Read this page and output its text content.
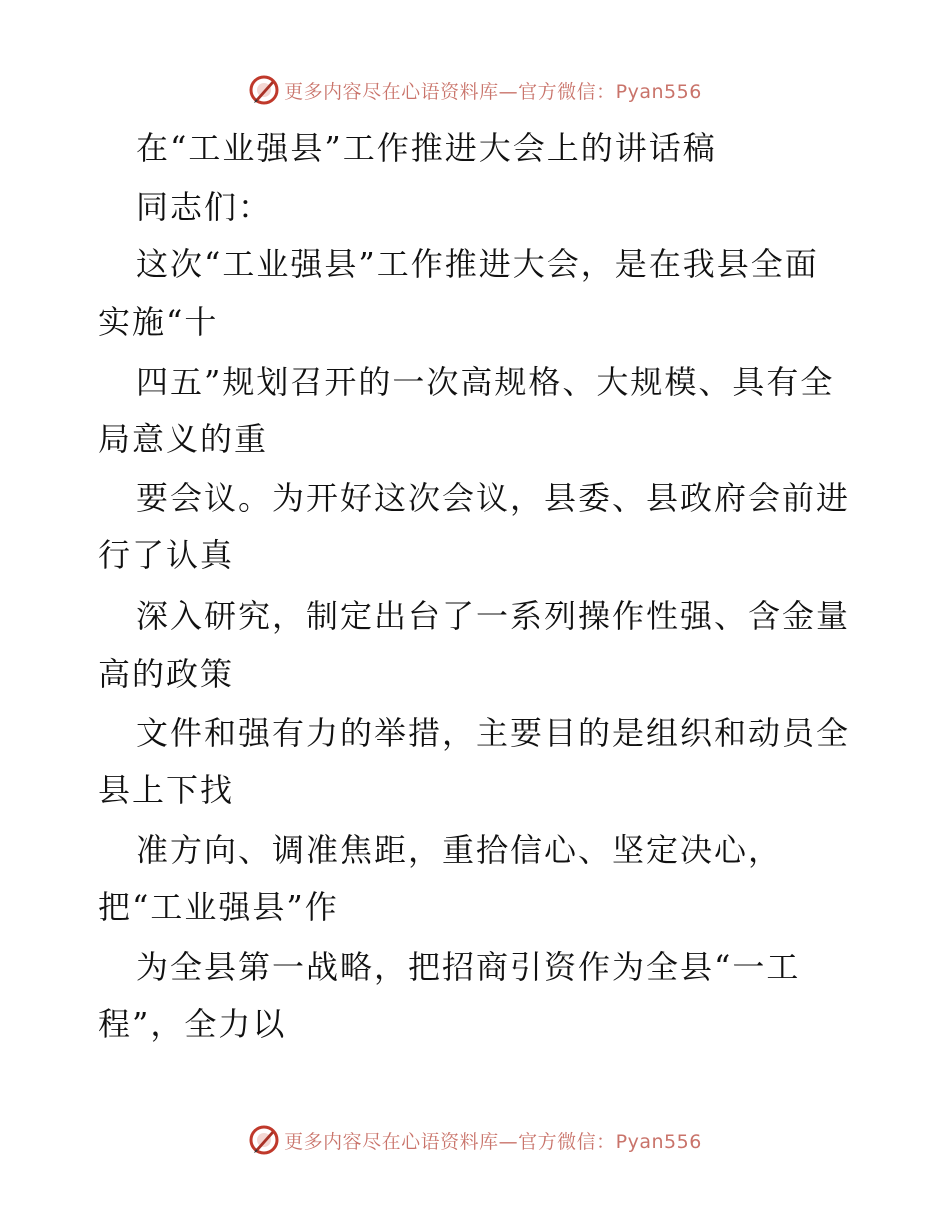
更多内容尽在心语资料库—官方微信：Pyan556
在“工业强县”工作推进大会上的讲话稿
同志们：
这次“工业强县”工作推进大会，是在我县全面
实施“十
四五”规划召开的一次高规格、大规模、具有全
局意义的重
要会议。为开好这次会议，县委、县政府会前进
行了认真
深入研究，制定出台了一系列操作性强、含金量
高的政策
文件和强有力的举措，主要目的是组织和动员全
县上下找
准方向、调准焦距，重拾信心、坚定决心，
把“工业强县”作
为全县第一战略，把招商引资作为全县“一工
程”，全力以
更多内容尽在心语资料库—官方微信：Pyan556
